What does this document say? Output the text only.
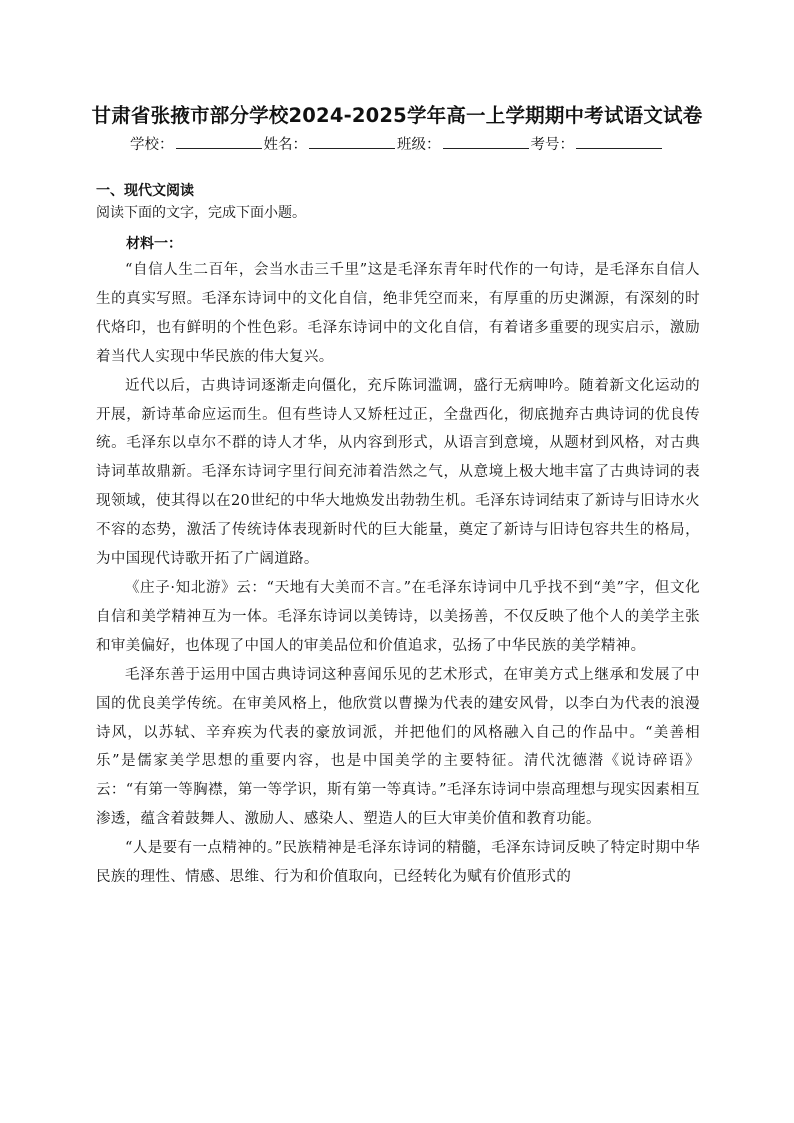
甘肃省张掖市部分学校2024-2025学年高一上学期期中考试语文试卷
学校：	姓名：	班级：	考号：
一、现代文阅读
阅读下面的文字，完成下面小题。
材料一：

“自信人生二百年，会当水击三千里”这是毛泽东青年时代作的一句诗，是毛泽东自信人生的真实写照。毛泽东诗词中的文化自信，绝非凭空而来，有厚重的历史渊源，有深刻的时代烙印，也有鲜明的个性色彩。毛泽东诗词中的文化自信，有着诸多重要的现实启示，激励着当代人实现中华民族的伟大复兴。

近代以后，古典诗词逐渐走向僵化，充斥陈词滥调，盛行无病呻吟。随着新文化运动的开展，新诗革命应运而生。但有些诗人又矫枉过正，全盘西化，彻底抛弃古典诗词的优良传统。毛泽东以卓尔不群的诗人才华，从内容到形式，从语言到意境，从题材到风格，对古典诗词革故鼎新。毛泽东诗词字里行间充沛着浩然之气，从意境上极大地丰富了古典诗词的表现领域，使其得以在20世纪的中华大地焕发出勃勃生机。毛泽东诗词结束了新诗与旧诗水火不容的态势，激活了传统诗体表现新时代的巨大能量，奠定了新诗与旧诗包容共生的格局，为中国现代诗歌开拓了广阔道路。

《庄子·知北游》云：“天地有大美而不言。”在毛泽东诗词中几乎找不到“美”字，但文化自信和美学精神互为一体。毛泽东诗词以美铸诗，以美扬善，不仅反映了他个人的美学主张和审美偏好，也体现了中国人的审美品位和价值追求，弘扬了中华民族的美学精神。

毛泽东善于运用中国古典诗词这种喜闻乐见的艺术形式，在审美方式上继承和发展了中国的优良美学传统。在审美风格上，他欣赏以曹操为代表的建安风骨，以李白为代表的浪漫诗风，以苏轼、辛弃疾为代表的豪放词派，并把他们的风格融入自己的作品中。“美善相乐”是儒家美学思想的重要内容，也是中国美学的主要特征。清代沈德潜《说诗碎语》云：“有第一等胸襟，第一等学识，斯有第一等真诗。”毛泽东诗词中崇高理想与现实因素相互渗透，蕴含着鼓舞人、激励人、感染人、塑造人的巨大审美价值和教育功能。

“人是要有一点精神的。”民族精神是毛泽东诗词的精髓，毛泽东诗词反映了特定时期中华民族的理性、情感、思维、行为和价值取向，已经转化为赋有价值形式的
